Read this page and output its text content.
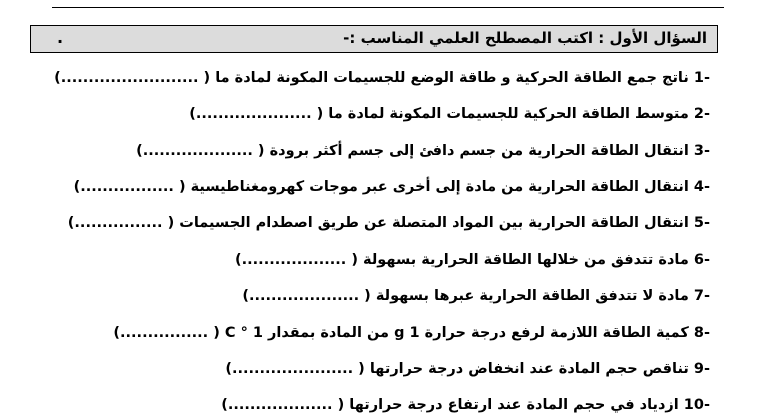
السؤال الأول : اكتب المصطلح العلمي المناسب :-
.
-1 ناتج جمع الطاقة الحركية و طاقة الوضع للجسيمات المكونة لمادة ما ( .........................)
-2 متوسط الطاقة الحركية للجسيمات المكونة لمادة ما ( .....................)
-3 انتقال الطاقة الحرارية من جسم دافئ إلى جسم أكثر برودة ( ....................)
-4 انتقال الطاقة الحرارية من مادة إلى أخرى عبر موجات كهرومغناطيسية ( .................)
-5 انتقال الطاقة الحرارية بين المواد المتصلة عن طريق اصطدام الجسيمات ( ................)
-6 مادة تتدفق من خلالها الطاقة الحرارية بسهولة ( ...................)
-7 مادة لا تتدفق الطاقة الحرارية عبرها بسهولة ( ....................)
-8 كمية الطاقة اللازمة لرفع درجة حرارة g 1 من المادة بمقدار C ° 1 ( ................)
-9 تناقص حجم المادة عند انخفاض درجة حرارتها ( ......................)
-10 ازدياد في حجم المادة عند ارتفاع درجة حرارتها ( ...................)
